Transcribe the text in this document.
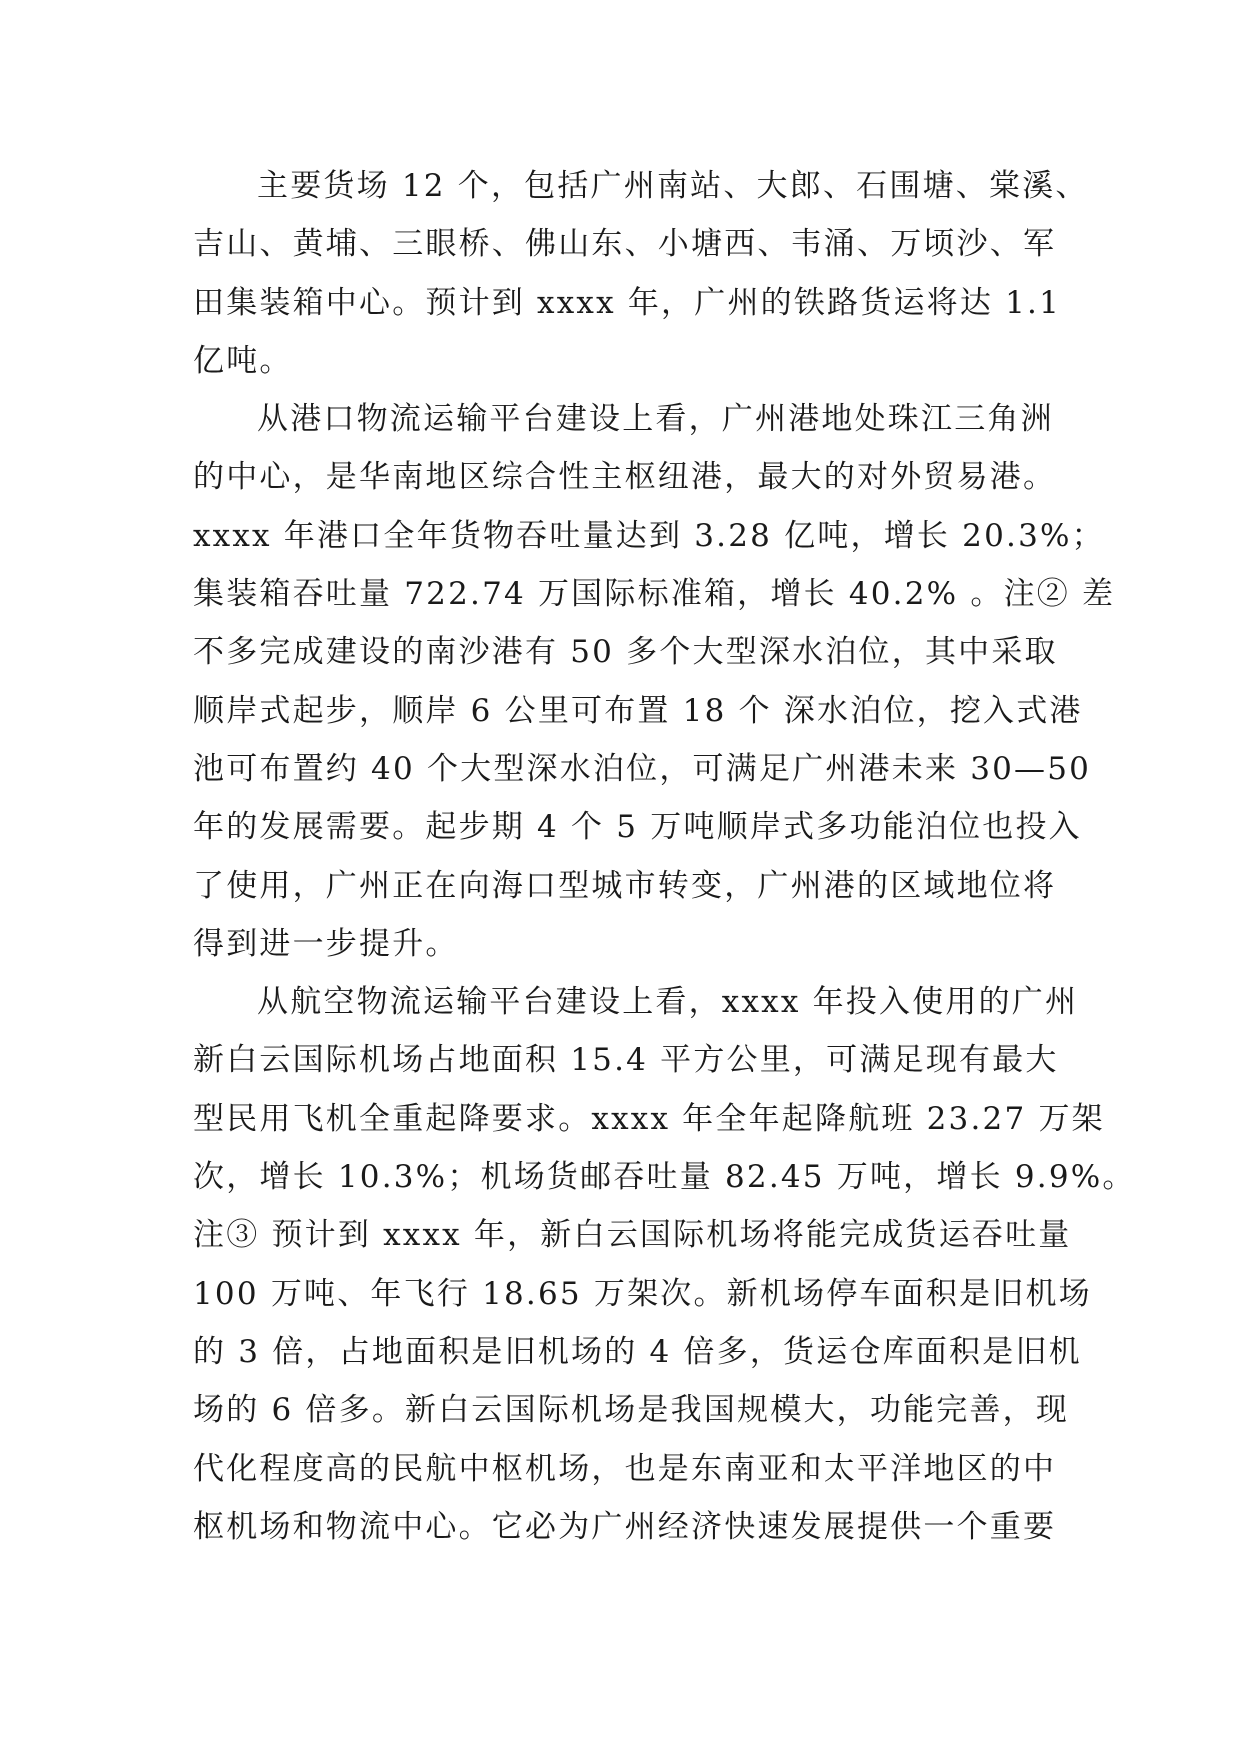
主要货场 12 个，包括广州南站、大郎、石围塘、棠溪、
吉山、黄埔、三眼桥、佛山东、小塘西、韦涌、万顷沙、军
田集装箱中心。预计到 xxxx 年，广州的铁路货运将达 1.1
亿吨。
从港口物流运输平台建设上看，广州港地处珠江三角洲
的中心，是华南地区综合性主枢纽港，最大的对外贸易港。
xxxx 年港口全年货物吞吐量达到 3.28 亿吨，增长 20.3%；
集装箱吞吐量 722.74 万国际标准箱，增长 40.2% 。注② 差
不多完成建设的南沙港有 50 多个大型深水泊位，其中采取
顺岸式起步，顺岸 6 公里可布置 18 个 深水泊位，挖入式港
池可布置约 40 个大型深水泊位，可满足广州港未来 30—50
年的发展需要。起步期 4 个 5 万吨顺岸式多功能泊位也投入
了使用，广州正在向海口型城市转变，广州港的区域地位将
得到进一步提升。
从航空物流运输平台建设上看，xxxx 年投入使用的广州
新白云国际机场占地面积 15.4 平方公里，可满足现有最大
型民用飞机全重起降要求。xxxx 年全年起降航班 23.27 万架
次，增长 10.3%；机场货邮吞吐量 82.45 万吨，增长 9.9%。
注③ 预计到 xxxx 年，新白云国际机场将能完成货运吞吐量
100 万吨、年飞行 18.65 万架次。新机场停车面积是旧机场
的 3 倍，占地面积是旧机场的 4 倍多，货运仓库面积是旧机
场的 6 倍多。新白云国际机场是我国规模大，功能完善，现
代化程度高的民航中枢机场，也是东南亚和太平洋地区的中
枢机场和物流中心。它必为广州经济快速发展提供一个重要
